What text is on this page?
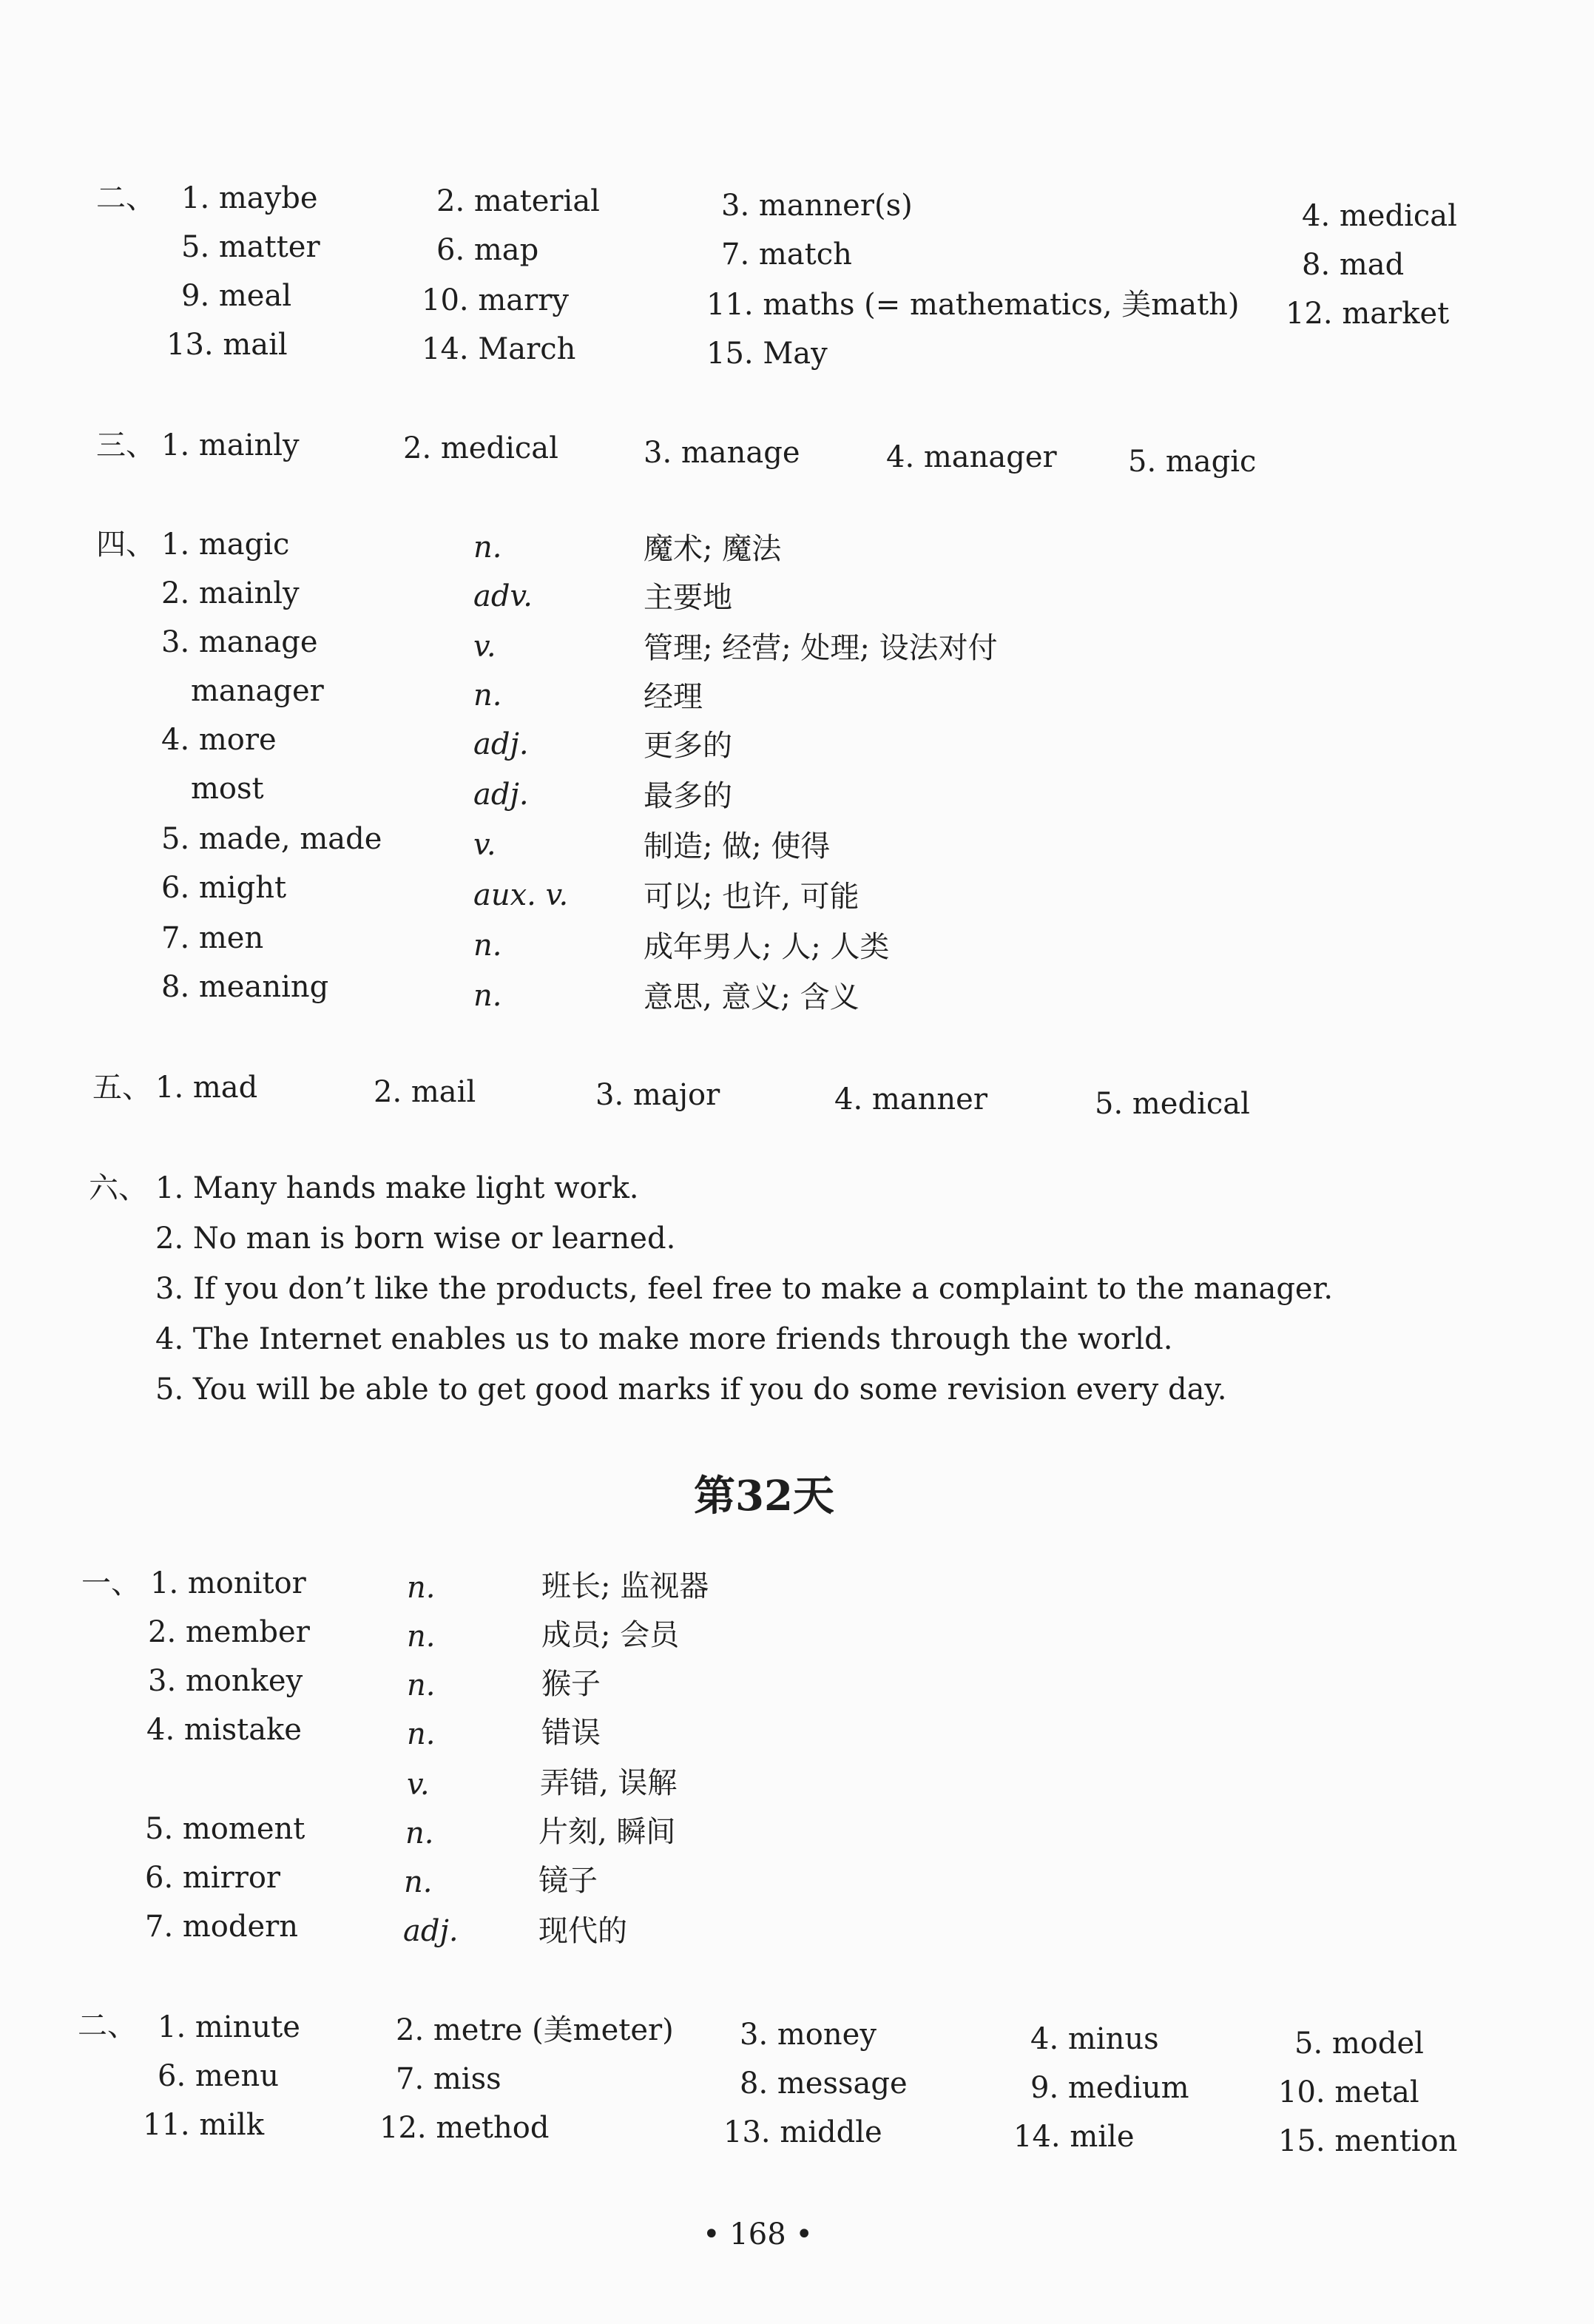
二、 1. maybe	2. material	3. manner(s)	4. medical
5. matter	6. map	7. match	8. mad
9. meal	10. marry	11. maths (= mathematics, 美math) 12. market
13. mail	14. March	15. May
三、 1. mainly	2. medical	3. manage	4. manager 5. magic
四、 1. magic	n.	魔术; 魔法
2. mainly	adv.	主要地
3. manage	v.	管理; 经营; 处理; 设法对付
manager	n.	经理
4. more	adj.	更多的
most	adj.	最多的
5. made, made	v.	制造; 做; 使得
6. might	aux. v.	可以; 也许, 可能
7. men	n.	成年男人; 人; 人类
8. meaning	n.	意思, 意义; 含义
五、 1. mad	2. mail	3. major	4. manner	5. medical
六、 1. Many hands make light work.
2. No man is born wise or learned.
3. If you don’t like the products, feel free to make a complaint to the manager.
4. The Internet enables us to make more friends through the world.
5. You will be able to get good marks if you do some revision every day.
第32天
一、 1. monitor	n.	班长; 监视器
2. member	n.	成员; 会员
3. monkey	n.	猴子
4. mistake	n.	错误
v.	弄错, 误解
5. moment	n.	片刻, 瞬间
6. mirror	n.	镜子
7. modern	adj.	现代的
二、 1. minute	2. metre (美meter) 3. money	4. minus	5. model
6. menu	7. miss	8. message	9. medium	10. metal
11. milk	12. method	13. middle	14. mile	15. mention
• 168 •
